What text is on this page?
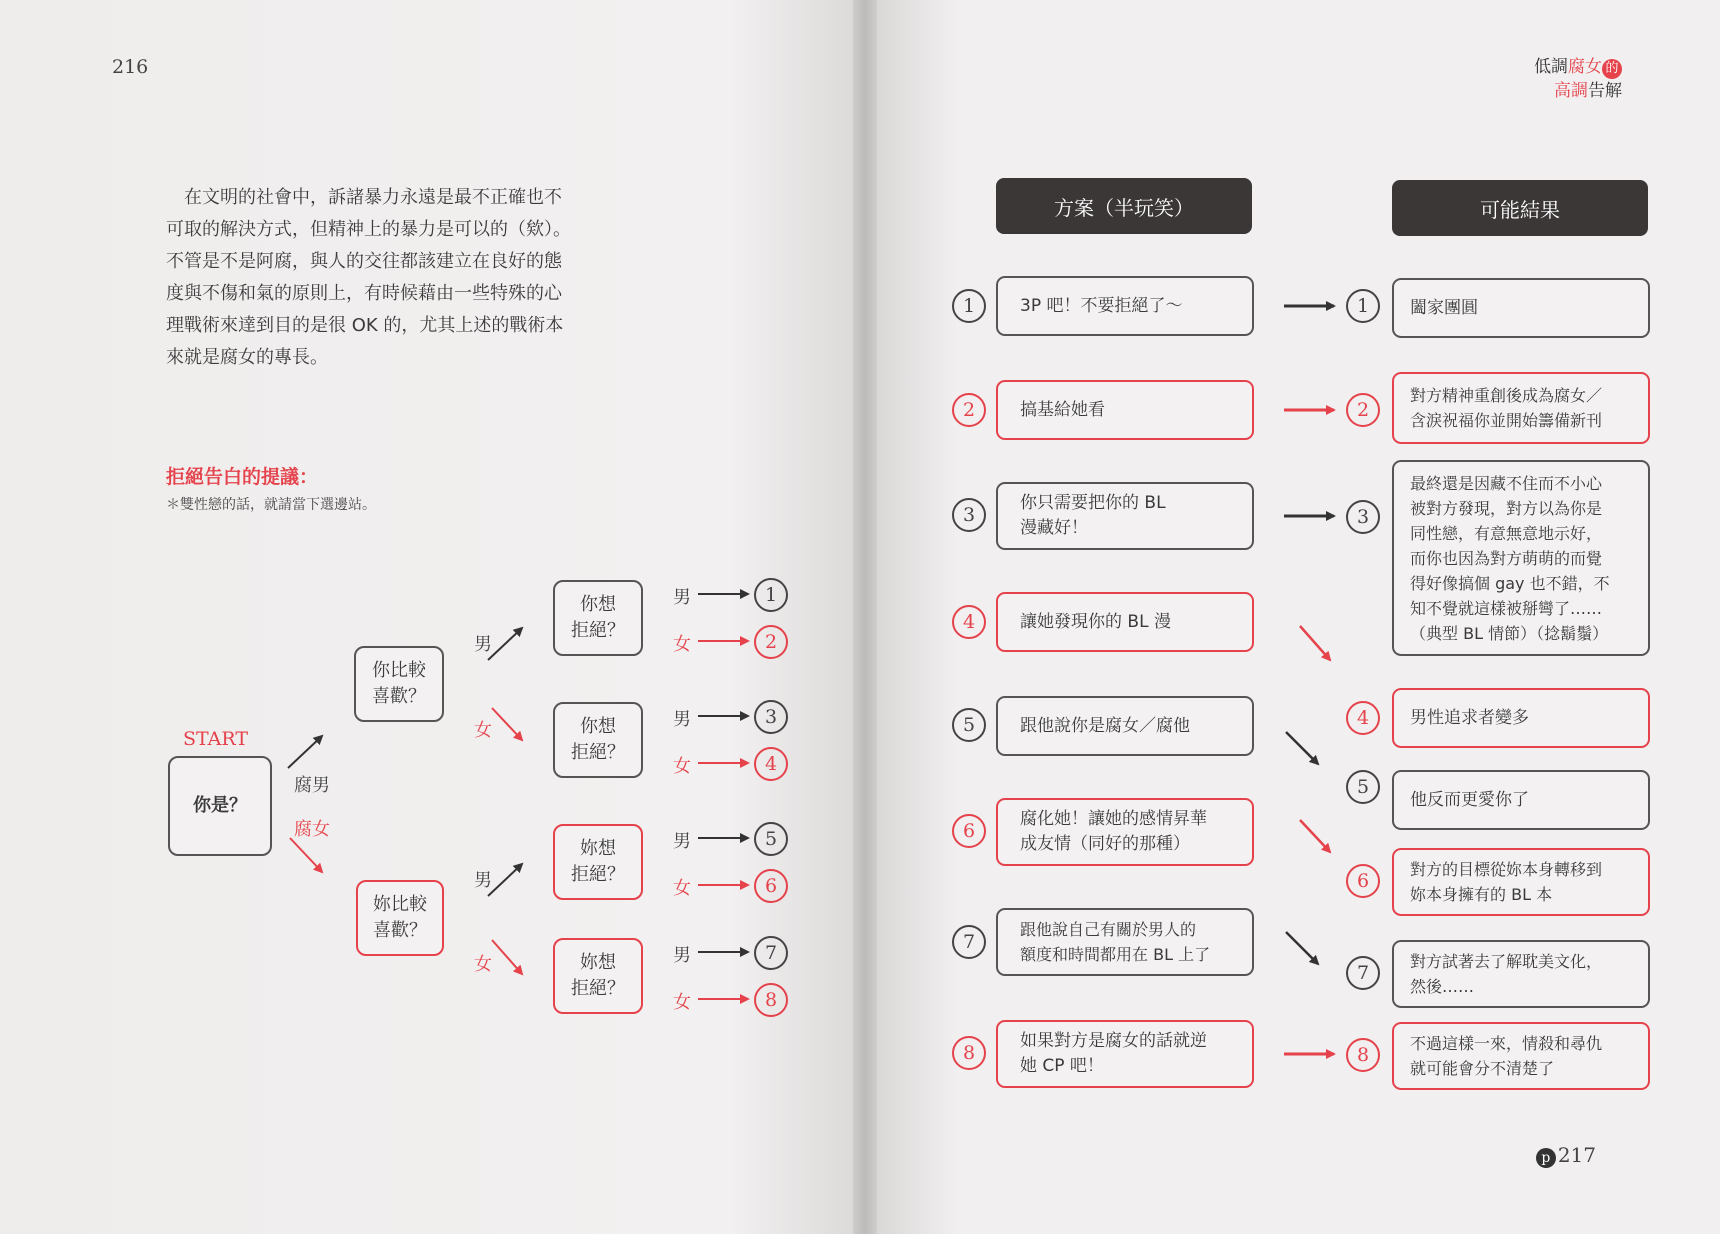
216

在文明的社會中，訴諸暴力永遠是最不正確也不

可取的解決方式，但精神上的暴力是可以的（欸）。

不管是不是阿腐，與人的交往都該建立在良好的態

度與不傷和氣的原則上，有時候藉由一些特殊的心

理戰術來達到目的是很 OK 的，尤其上述的戰術本

來就是腐女的專長。

拒絕告白的提議：
＊雙性戀的話，就請當下選邊站。
START
你是？
腐男
腐女
你比較
喜歡？
妳比較
喜歡？
男
女
男
女
你想
拒絕？
你想
拒絕？
妳想
拒絕？
妳想
拒絕？
男
女
男
女
男
女
男
女
1
2
3
4
5
6
7
8
低調腐女 的
高調告解
方案（半玩笑）	可能結果
1
2
3
4
5
6
7
8
3P 吧！不要拒絕了～
搞基給她看
你只需要把你的 BL
漫藏好！
讓她發現你的 BL 漫
跟他說你是腐女／腐他
腐化她！讓她的感情昇華
成友情（同好的那種）
跟他說自己有關於男人的
額度和時間都用在 BL 上了
如果對方是腐女的話就逆
她 CP 吧！
1
2
3
4
5
6
7
8
闔家團圓
對方精神重創後成為腐女／
含淚祝福你並開始籌備新刊
最終還是因藏不住而不小心
被對方發現，對方以為你是
同性戀，有意無意地示好，
而你也因為對方萌萌的而覺
得好像搞個 gay 也不錯，不
知不覺就這樣被掰彎了……
（典型 BL 情節）（捻鬍鬚）
男性追求者變多
他反而更愛你了
對方的目標從妳本身轉移到
妳本身擁有的 BL 本
對方試著去了解耽美文化，
然後……
不過這樣一來，情殺和尋仇
就可能會分不清楚了
p 217
